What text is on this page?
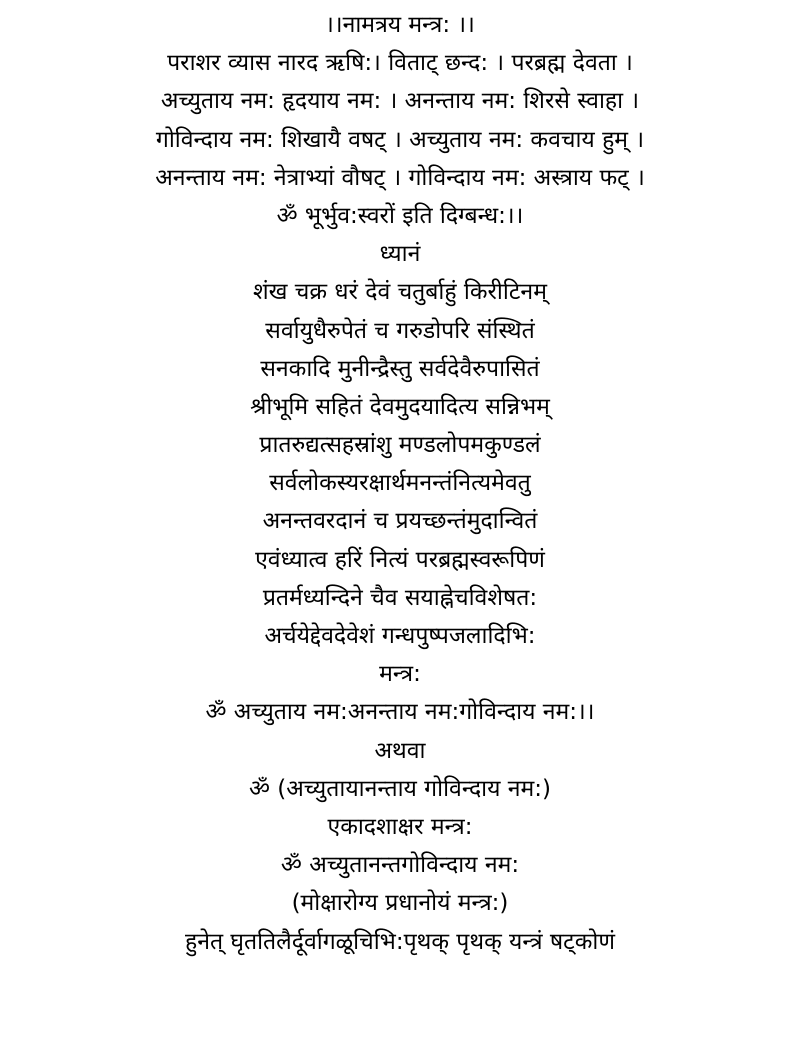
।।नामत्रय मन्त्र: ।।
पराशर व्यास नारद ऋषि:। विताट् छन्द: । परब्रह्म देवता ।
अच्युताय नम: हृदयाय नम: । अनन्ताय नम: शिरसे स्वाहा ।
गोविन्दाय नम: शिखायै वषट् । अच्युताय नम: कवचाय हुम् ।
अनन्ताय नम: नेत्राभ्यां वौषट् । गोविन्दाय नम: अस्त्राय फट् ।
ॐ भूर्भुव:स्वरों इति दिग्बन्ध:।।
ध्यानं
शंख चक्र धरं देवं चतुर्बाहुं किरीटिनम्
सर्वायुधैरुपेतं च गरुडोपरि संस्थितं
सनकादि मुनीन्द्रैस्तु सर्वदेवैरुपासितं
श्रीभूमि सहितं देवमुदयादित्य सन्निभम्
प्रातरुद्यत्सहस्रांशु मण्डलोपमकुण्डलं
सर्वलोकस्यरक्षार्थमनन्तंनित्यमेवतु
अनन्तवरदानं च प्रयच्छन्तंमुदान्वितं
एवंध्यात्व हरिं नित्यं परब्रह्मस्वरूपिणं
प्रतर्मध्यन्दिने चैव सयाह्नेचविशेषत:
अर्चयेद्देवदेवेशं गन्धपुष्पजलादिभि:
मन्त्र:
ॐ अच्युताय नम:अनन्ताय नम:गोविन्दाय नम:।।
अथवा
ॐ (अच्युतायानन्ताय गोविन्दाय नम:)
एकादशाक्षर मन्त्र:
ॐ अच्युतानन्तगोविन्दाय नम:
(मोक्षारोग्य प्रधानोयं मन्त्र:)
हुनेत् घृततिलैर्दूर्वागळूचिभि:पृथक् पृथक् यन्त्रं षट्कोणं
